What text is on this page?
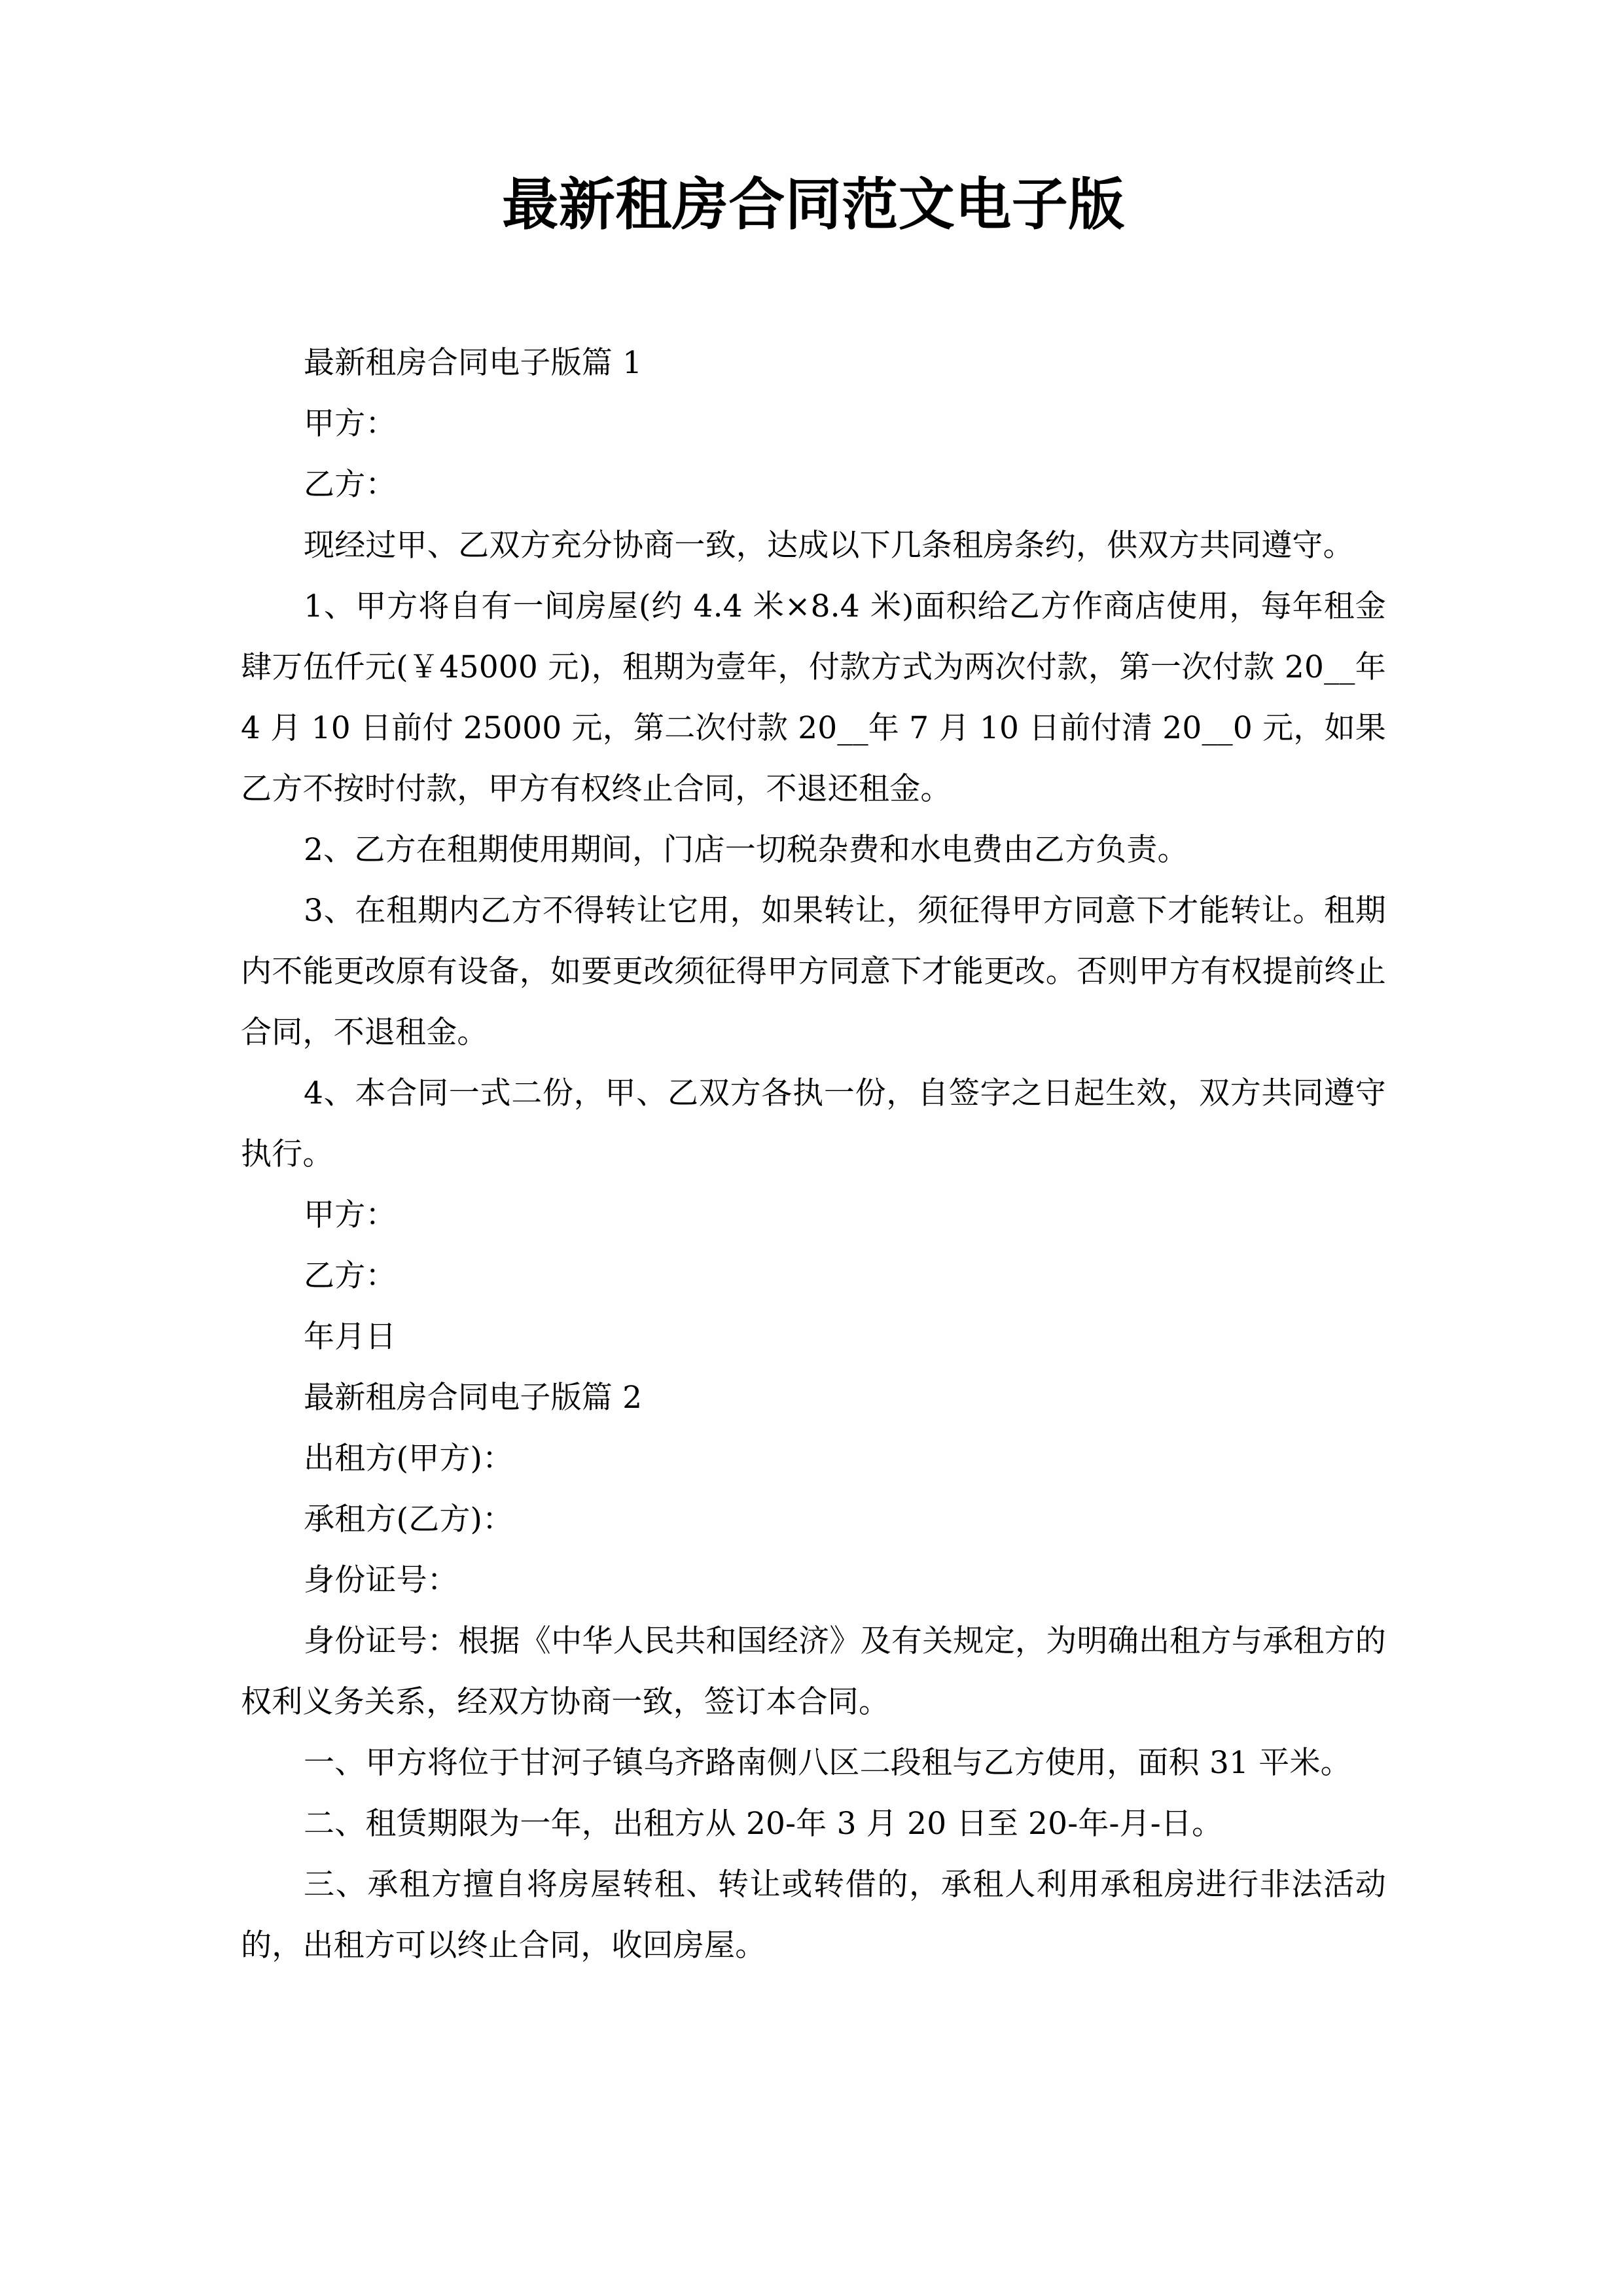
最新租房合同范文电子版

最新租房合同电子版篇 1

甲方：

乙方：

现经过甲、乙双方充分协商一致，达成以下几条租房条约，供双方共同遵守。

1、甲方将自有一间房屋(约 4.4 米×8.4 米)面积给乙方作商店使用，每年租金肆万伍仟元(￥45000 元)，租期为壹年，付款方式为两次付款，第一次付款 20__年 4 月 10 日前付 25000 元，第二次付款 20__年 7 月 10 日前付清 20__0 元，如果乙方不按时付款，甲方有权终止合同，不退还租金。

2、乙方在租期使用期间，门店一切税杂费和水电费由乙方负责。

3、在租期内乙方不得转让它用，如果转让，须征得甲方同意下才能转让。租期内不能更改原有设备，如要更改须征得甲方同意下才能更改。否则甲方有权提前终止合同，不退租金。

4、本合同一式二份，甲、乙双方各执一份，自签字之日起生效，双方共同遵守执行。

甲方：

乙方：

年月日

最新租房合同电子版篇 2

出租方(甲方)：

承租方(乙方)：

身份证号：

身份证号：根据《中华人民共和国经济》及有关规定，为明确出租方与承租方的权利义务关系，经双方协商一致，签订本合同。

一、甲方将位于甘河子镇乌齐路南侧八区二段租与乙方使用，面积 31 平米。

二、租赁期限为一年，出租方从 20-年 3 月 20 日至 20-年-月-日。

三、承租方擅自将房屋转租、转让或转借的，承租人利用承租房进行非法活动的，出租方可以终止合同，收回房屋。
